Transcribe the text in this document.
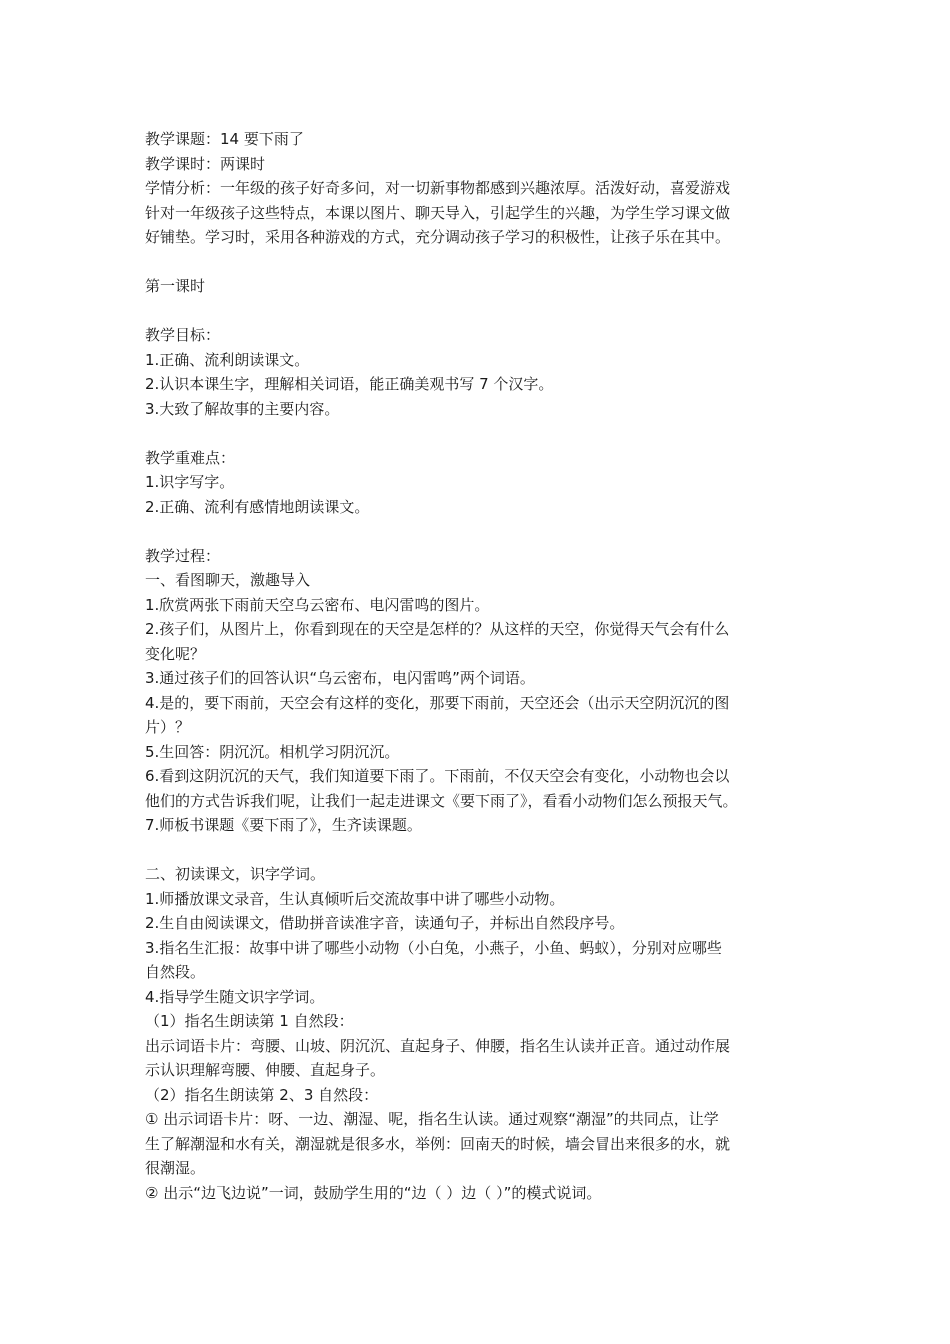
教学课题：14 要下雨了
教学课时：两课时
学情分析：一年级的孩子好奇多问，对一切新事物都感到兴趣浓厚。活泼好动，喜爱游戏
针对一年级孩子这些特点，本课以图片、聊天导入，引起学生的兴趣，为学生学习课文做
好铺垫。学习时，采用各种游戏的方式，充分调动孩子学习的积极性，让孩子乐在其中。
第一课时
教学目标：
1.正确、流利朗读课文。
2.认识本课生字，理解相关词语，能正确美观书写 7 个汉字。
3.大致了解故事的主要内容。
教学重难点：
1.识字写字。
2.正确、流利有感情地朗读课文。
教学过程：
一、看图聊天，激趣导入
1.欣赏两张下雨前天空乌云密布、电闪雷鸣的图片。
2.孩子们，从图片上，你看到现在的天空是怎样的？从这样的天空，你觉得天气会有什么
变化呢？
3.通过孩子们的回答认识“乌云密布，电闪雷鸣”两个词语。
4.是的，要下雨前，天空会有这样的变化，那要下雨前，天空还会（出示天空阴沉沉的图
片）？
5.生回答：阴沉沉。相机学习阴沉沉。
6.看到这阴沉沉的天气，我们知道要下雨了。下雨前，不仅天空会有变化，小动物也会以
他们的方式告诉我们呢，让我们一起走进课文《要下雨了》，看看小动物们怎么预报天气。
7.师板书课题《要下雨了》，生齐读课题。
二、初读课文，识字学词。
1.师播放课文录音，生认真倾听后交流故事中讲了哪些小动物。
2.生自由阅读课文，借助拼音读准字音，读通句子，并标出自然段序号。
3.指名生汇报：故事中讲了哪些小动物（小白兔，小燕子，小鱼、蚂蚁），分别对应哪些
自然段。
4.指导学生随文识字学词。
（1）指名生朗读第 1 自然段：
出示词语卡片：弯腰、山坡、阴沉沉、直起身子、伸腰，指名生认读并正音。通过动作展
示认识理解弯腰、伸腰、直起身子。
（2）指名生朗读第 2、3 自然段：
① 出示词语卡片：呀、一边、潮湿、呢，指名生认读。通过观察“潮湿”的共同点，让学
生了解潮湿和水有关，潮湿就是很多水，举例：回南天的时候，墙会冒出来很多的水，就
很潮湿。
② 出示“边飞边说”一词，鼓励学生用的“边（ ）边（ ）”的模式说词。
